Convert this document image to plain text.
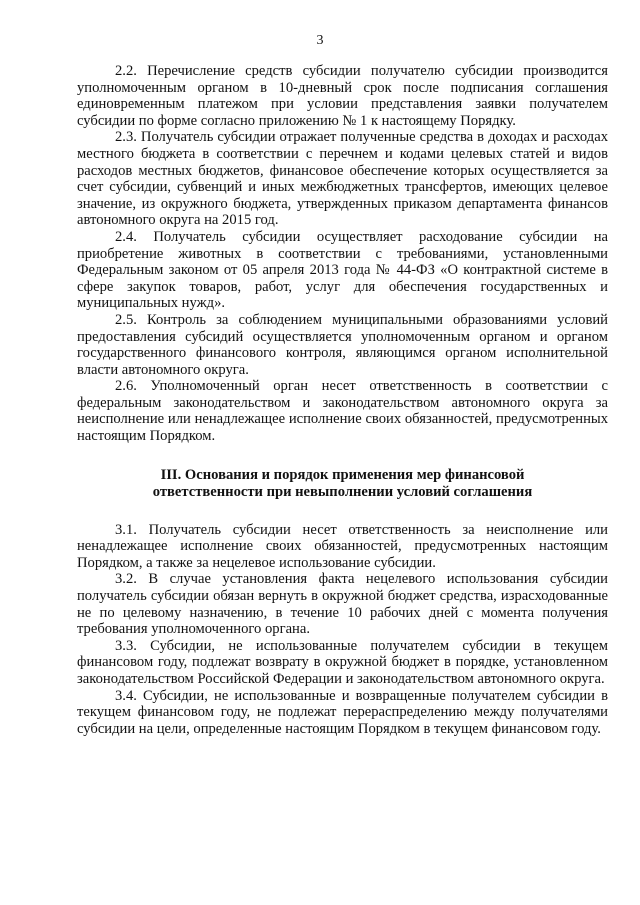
3

2.2. Перечисление средств субсидии получателю субсидии производится уполномоченным органом в 10-дневный срок после подписания соглашения единовременным платежом при условии представления заявки получателем субсидии по форме согласно приложению № 1 к настоящему Порядку.

2.3. Получатель субсидии отражает полученные средства в доходах и расходах местного бюджета в соответствии с перечнем и кодами целевых статей и видов расходов местных бюджетов, финансовое обеспечение которых осуществляется за счет субсидии, субвенций и иных межбюджетных трансфертов, имеющих целевое значение, из окружного бюджета, утвержденных приказом департамента финансов автономного округа на 2015 год.

2.4. Получатель субсидии осуществляет расходование субсидии на приобретение животных в соответствии с требованиями, установленными Федеральным законом от 05 апреля 2013 года № 44-ФЗ «О контрактной системе в сфере закупок товаров, работ, услуг для обеспечения государственных и муниципальных нужд».

2.5. Контроль за соблюдением муниципальными образованиями условий предоставления субсидий осуществляется уполномоченным органом и органом государственного финансового контроля, являющимся органом исполнительной власти автономного округа.

2.6. Уполномоченный орган несет ответственность в соответствии с федеральным законодательством и законодательством автономного округа за неисполнение или ненадлежащее исполнение своих обязанностей, предусмотренных настоящим Порядком.

III. Основания и порядок применения мер финансовой
ответственности при невыполнении условий соглашения

3.1. Получатель субсидии несет ответственность за неисполнение или ненадлежащее исполнение своих обязанностей, предусмотренных настоящим Порядком, а также за нецелевое использование субсидии.

3.2. В случае установления факта нецелевого использования субсидии получатель субсидии обязан вернуть в окружной бюджет средства, израсходованные не по целевому назначению, в течение 10 рабочих дней с момента получения требования уполномоченного органа.

3.3. Субсидии, не использованные получателем субсидии в текущем финансовом году, подлежат возврату в окружной бюджет в порядке, установленном законодательством Российской Федерации и законодательством автономного округа.

3.4. Субсидии, не использованные и возвращенные получателем субсидии в текущем финансовом году, не подлежат перераспределению между получателями субсидии на цели, определенные настоящим Порядком в текущем финансовом году.
